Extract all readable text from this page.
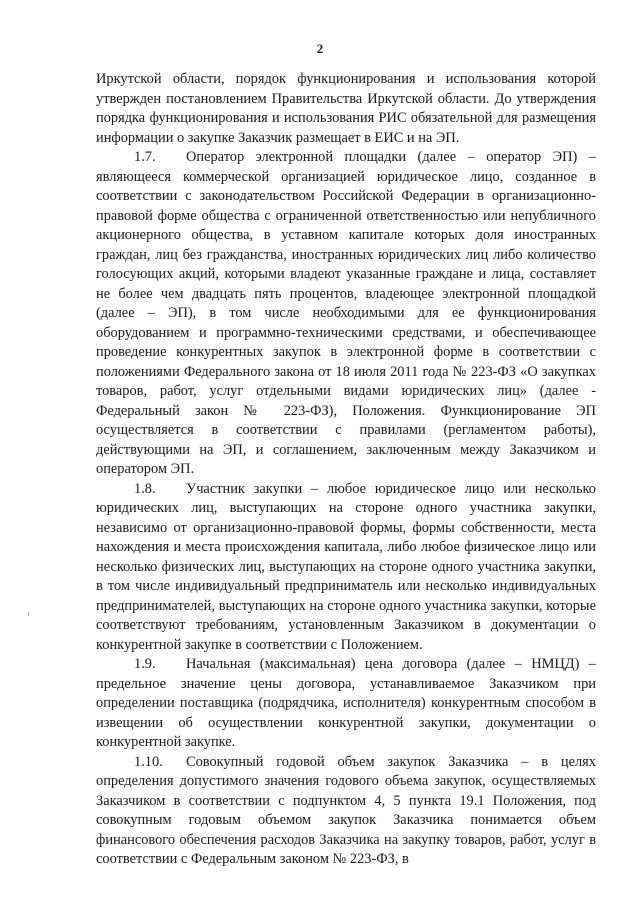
2

Иркутской области, порядок функционирования и использования которой утвержден постановлением Правительства Иркутской области. До утверждения порядка функционирования и использования РИС обязательной для размещения информации о закупке Заказчик размещает в ЕИС и на ЭП.

1.7. Оператор электронной площадки (далее – оператор ЭП) – являющееся коммерческой организацией юридическое лицо, созданное в соответствии с законодательством Российской Федерации в организационно-правовой форме общества с ограниченной ответственностью или непубличного акционерного общества, в уставном капитале которых доля иностранных граждан, лиц без гражданства, иностранных юридических лиц либо количество голосующих акций, которыми владеют указанные граждане и лица, составляет не более чем двадцать пять процентов, владеющее электронной площадкой (далее – ЭП), в том числе необходимыми для ее функционирования оборудованием и программно-техническими средствами, и обеспечивающее проведение конкурентных закупок в электронной форме в соответствии с положениями Федерального закона от 18 июля 2011 года № 223-ФЗ «О закупках товаров, работ, услуг отдельными видами юридических лиц» (далее - Федеральный закон № 223-ФЗ), Положения. Функционирование ЭП осуществляется в соответствии с правилами (регламентом работы), действующими на ЭП, и соглашением, заключенным между Заказчиком и оператором ЭП.

1.8. Участник закупки – любое юридическое лицо или несколько юридических лиц, выступающих на стороне одного участника закупки, независимо от организационно-правовой формы, формы собственности, места нахождения и места происхождения капитала, либо любое физическое лицо или несколько физических лиц, выступающих на стороне одного участника закупки, в том числе индивидуальный предприниматель или несколько индивидуальных предпринимателей, выступающих на стороне одного участника закупки, которые соответствуют требованиям, установленным Заказчиком в документации о конкурентной закупке в соответствии с Положением.

1.9. Начальная (максимальная) цена договора (далее – НМЦД) – предельное значение цены договора, устанавливаемое Заказчиком при определении поставщика (подрядчика, исполнителя) конкурентным способом в извещении об осуществлении конкурентной закупки, документации о конкурентной закупке.

1.10. Совокупный годовой объем закупок Заказчика – в целях определения допустимого значения годового объема закупок, осуществляемых Заказчиком в соответствии с подпунктом 4, 5 пункта 19.1 Положения, под совокупным годовым объемом закупок Заказчика понимается объем финансового обеспечения расходов Заказчика на закупку товаров, работ, услуг в соответствии с Федеральным законом № 223-ФЗ, в
